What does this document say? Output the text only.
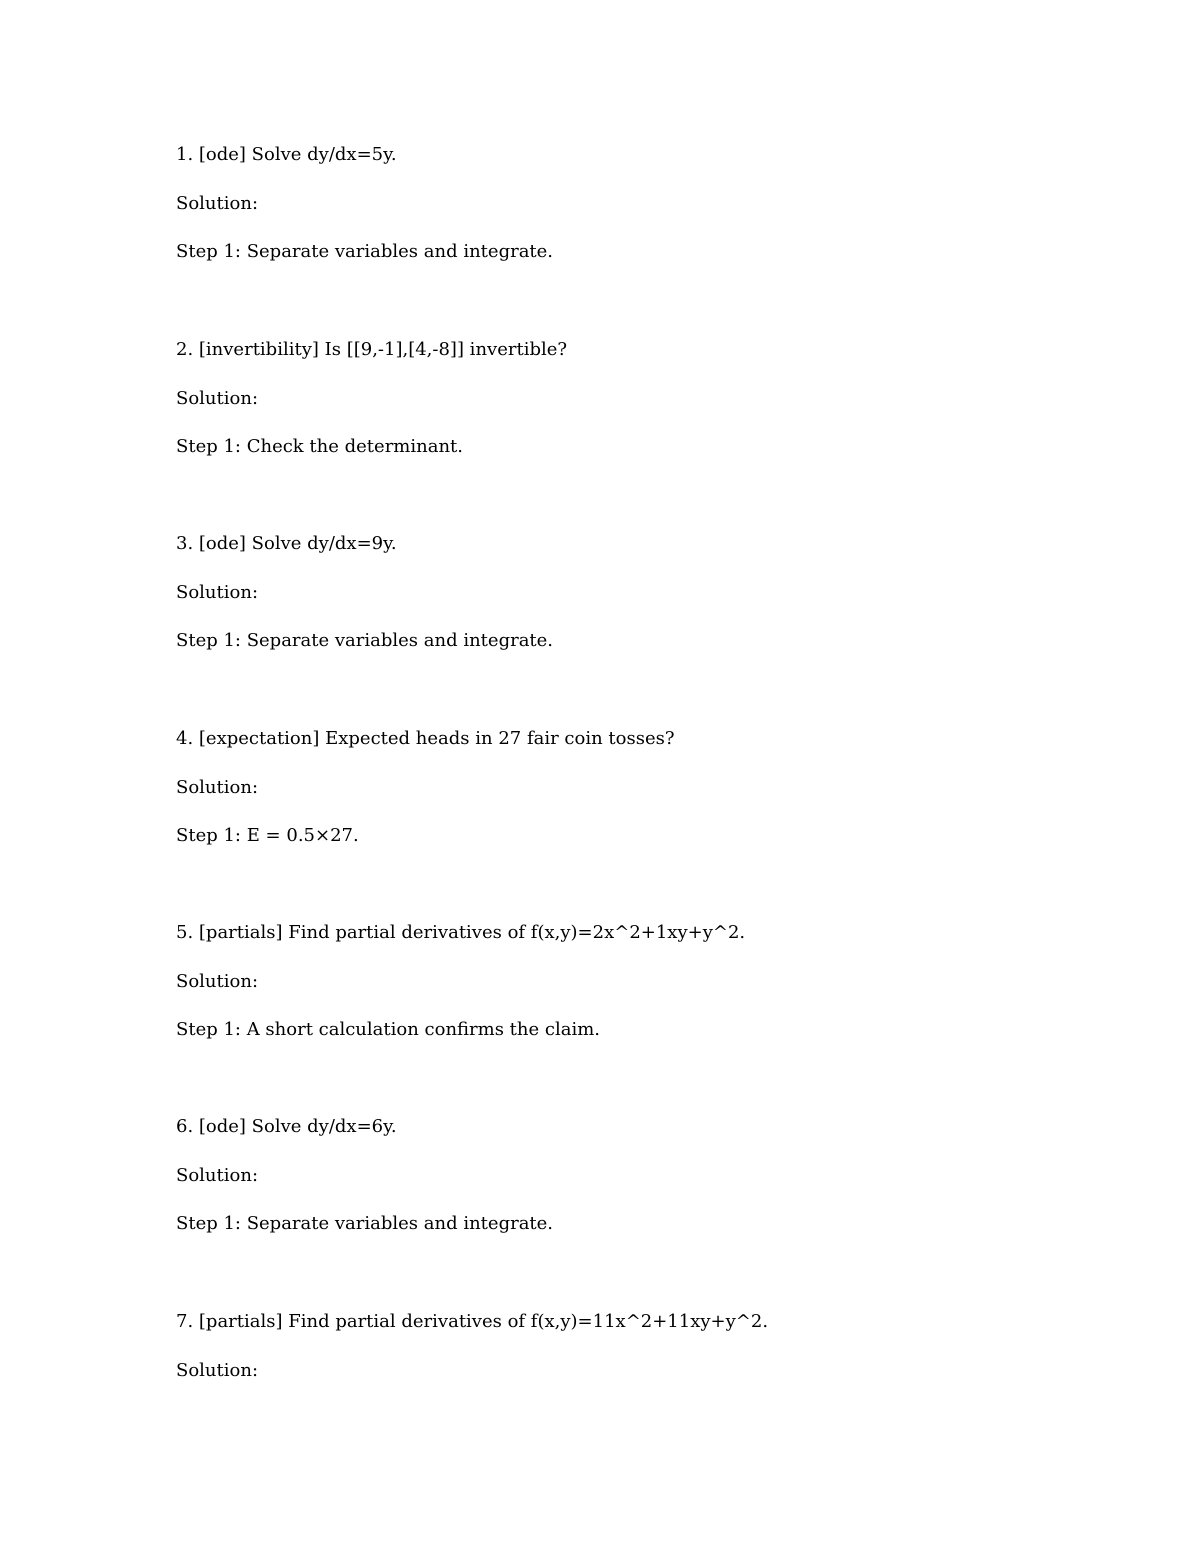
1. [ode] Solve dy/dx=5y.

Solution:

Step 1: Separate variables and integrate.

2. [invertibility] Is [[9,-1],[4,-8]] invertible?

Solution:

Step 1: Check the determinant.

3. [ode] Solve dy/dx=9y.

Solution:

Step 1: Separate variables and integrate.

4. [expectation] Expected heads in 27 fair coin tosses?

Solution:

Step 1: E = 0.5×27.

5. [partials] Find partial derivatives of f(x,y)=2x^2+1xy+y^2.

Solution:

Step 1: A short calculation confirms the claim.

6. [ode] Solve dy/dx=6y.

Solution:

Step 1: Separate variables and integrate.

7. [partials] Find partial derivatives of f(x,y)=11x^2+11xy+y^2.

Solution:
